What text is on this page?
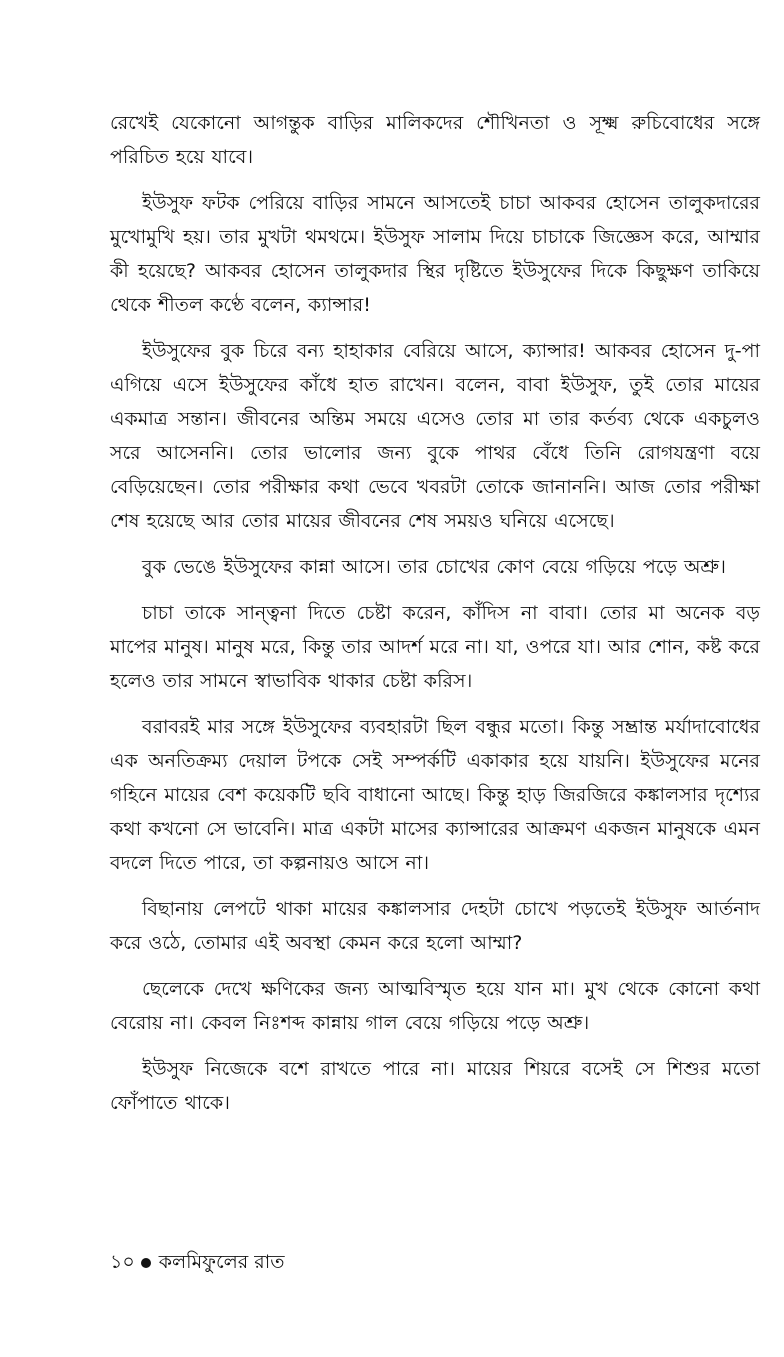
রেখেই যেকোনো আগন্তুক বাড়ির মালিকদের শৌখিনতা ও সূক্ষ্ম রুচিবোধের সঙ্গে পরিচিত হয়ে যাবে।

ইউসুফ ফটক পেরিয়ে বাড়ির সামনে আসতেই চাচা আকবর হোসেন তালুকদারের মুখোমুখি হয়। তার মুখটা থমথমে। ইউসুফ সালাম দিয়ে চাচাকে জিজ্ঞেস করে, আম্মার কী হয়েছে? আকবর হোসেন তালুকদার স্থির দৃষ্টিতে ইউসুফের দিকে কিছুক্ষণ তাকিয়ে থেকে শীতল কণ্ঠে বলেন, ক্যান্সার!

ইউসুফের বুক চিরে বন্য হাহাকার বেরিয়ে আসে, ক্যান্সার! আকবর হোসেন দু-পা এগিয়ে এসে ইউসুফের কাঁধে হাত রাখেন। বলেন, বাবা ইউসুফ, তুই তোর মায়ের একমাত্র সন্তান। জীবনের অন্তিম সময়ে এসেও তোর মা তার কর্তব্য থেকে একচুলও সরে আসেননি। তোর ভালোর জন্য বুকে পাথর বেঁধে তিনি রোগযন্ত্রণা বয়ে বেড়িয়েছেন। তোর পরীক্ষার কথা ভেবে খবরটা তোকে জানাননি। আজ তোর পরীক্ষা শেষ হয়েছে আর তোর মায়ের জীবনের শেষ সময়ও ঘনিয়ে এসেছে।

বুক ভেঙে ইউসুফের কান্না আসে। তার চোখের কোণ বেয়ে গড়িয়ে পড়ে অশ্রু।

চাচা তাকে সান্ত্বনা দিতে চেষ্টা করেন, কাঁদিস না বাবা। তোর মা অনেক বড় মাপের মানুষ। মানুষ মরে, কিন্তু তার আদর্শ মরে না। যা, ওপরে যা। আর শোন, কষ্ট করে হলেও তার সামনে স্বাভাবিক থাকার চেষ্টা করিস।

বরাবরই মার সঙ্গে ইউসুফের ব্যবহারটা ছিল বন্ধুর মতো। কিন্তু সম্ভ্রান্ত মর্যাদাবোধের এক অনতিক্রম্য দেয়াল টপকে সেই সম্পর্কটি একাকার হয়ে যায়নি। ইউসুফের মনের গহিনে মায়ের বেশ কয়েকটি ছবি বাধানো আছে। কিন্তু হাড় জিরজিরে কঙ্কালসার দৃশ্যের কথা কখনো সে ভাবেনি। মাত্র একটা মাসের ক্যান্সারের আক্রমণ একজন মানুষকে এমন বদলে দিতে পারে, তা কল্পনায়ও আসে না।

বিছানায় লেপটে থাকা মায়ের কঙ্কালসার দেহটা চোখে পড়তেই ইউসুফ আর্তনাদ করে ওঠে, তোমার এই অবস্থা কেমন করে হলো আম্মা?

ছেলেকে দেখে ক্ষণিকের জন্য আত্মবিস্মৃত হয়ে যান মা। মুখ থেকে কোনো কথা বেরোয় না। কেবল নিঃশব্দ কান্নায় গাল বেয়ে গড়িয়ে পড়ে অশ্রু।

ইউসুফ নিজেকে বশে রাখতে পারে না। মায়ের শিয়রে বসেই সে শিশুর মতো ফোঁপাতে থাকে।

১০ কলমিফুলের রাত
